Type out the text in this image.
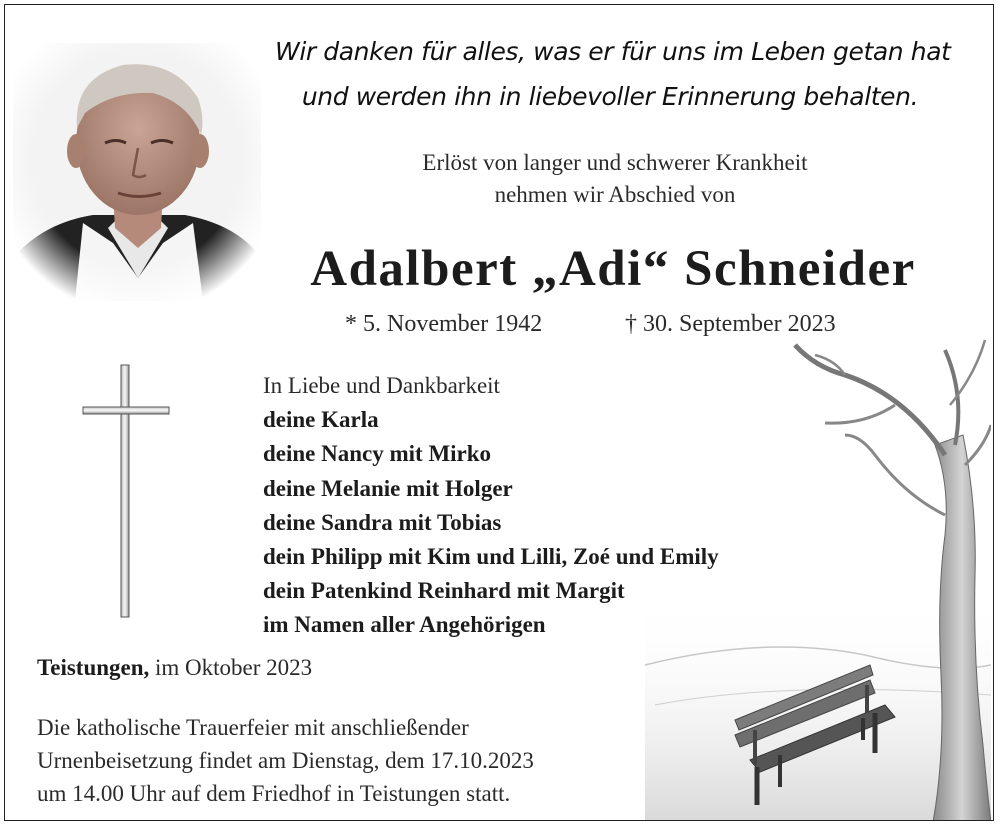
Wir danken für alles, was er für uns im Leben getan hat
und werden ihn in liebevoller Erinnerung behalten.
Erlöst von langer und schwerer Krankheit
nehmen wir Abschied von
Adalbert „Adi“ Schneider
* 5. November 1942	† 30. September 2023
In Liebe und Dankbarkeit
deine Karla
deine Nancy mit Mirko
deine Melanie mit Holger
deine Sandra mit Tobias
dein Philipp mit Kim und Lilli, Zoé und Emily
dein Patenkind Reinhard mit Margit
im Namen aller Angehörigen
Teistungen, im Oktober 2023
Die katholische Trauerfeier mit anschließender
Urnenbeisetzung findet am Dienstag, dem 17.10.2023
um 14.00 Uhr auf dem Friedhof in Teistungen statt.
